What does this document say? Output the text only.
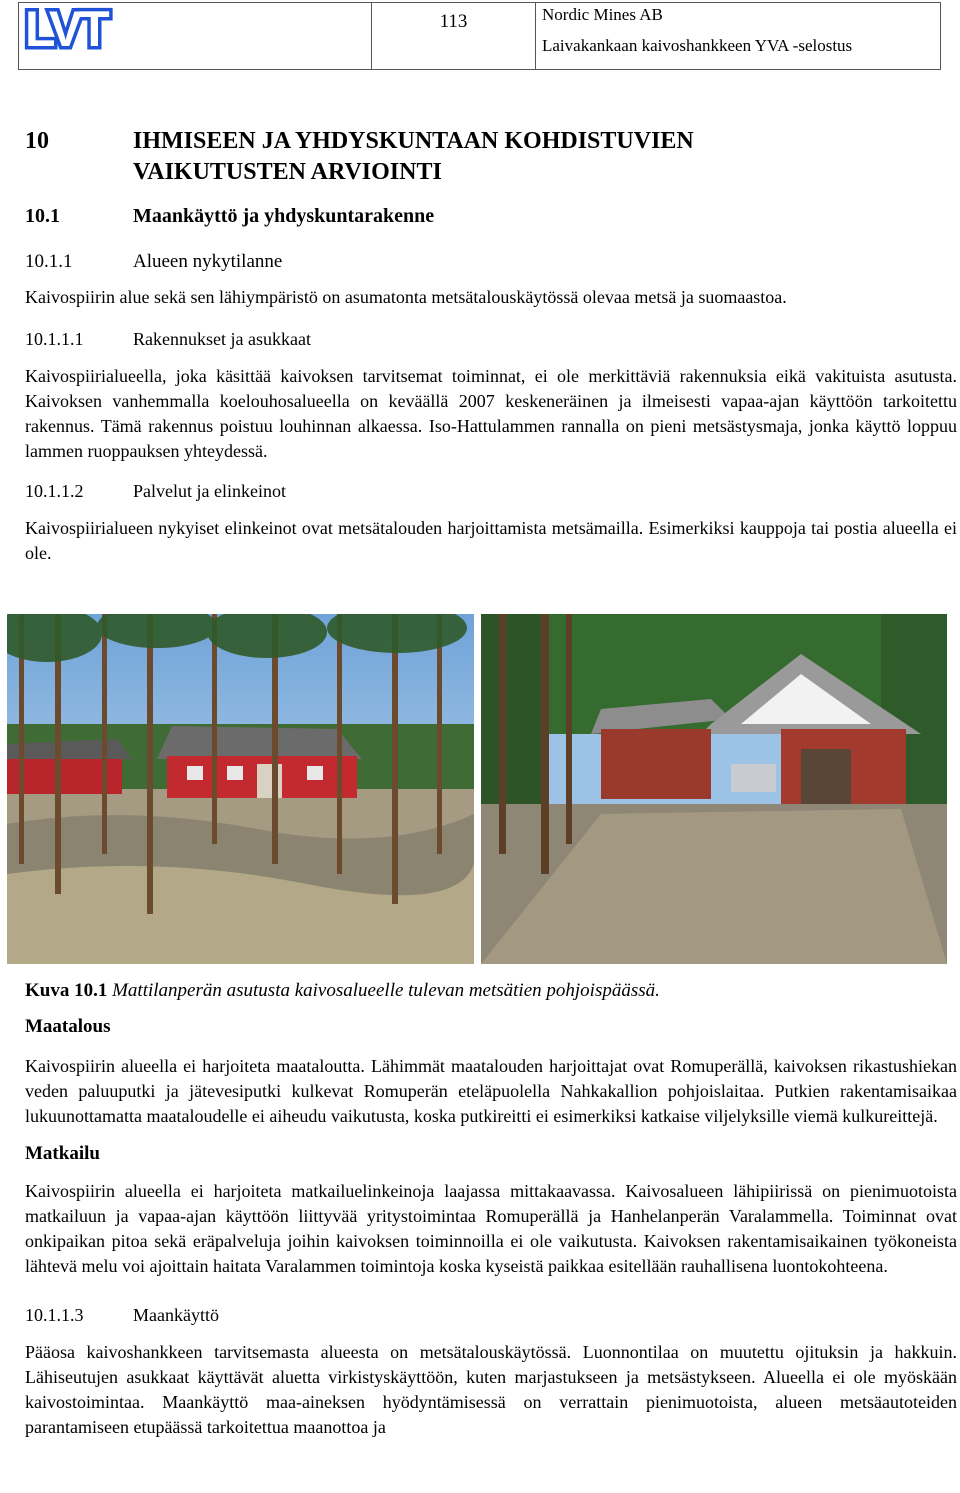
LVT	113	Nordic Mines AB
Laivakankaan kaivoshankkeen YVA -selostus
10	IHMISEEN JA YHDYSKUNTAAN KOHDISTUVIEN
VAIKUTUSTEN ARVIOINTI
10.1	Maankäyttö ja yhdyskuntarakenne
10.1.1	Alueen nykytilanne

Kaivospiirin alue sekä sen lähiympäristö on asumatonta metsätalouskäytössä olevaa metsä ja suomaastoa.

10.1.1.1	Rakennukset ja asukkaat

Kaivospiirialueella, joka käsittää kaivoksen tarvitsemat toiminnat, ei ole merkittäviä rakennuksia eikä vakituista asutusta. Kaivoksen vanhemmalla koelouhosalueella on keväällä 2007 keskeneräinen ja ilmeisesti vapaa-ajan käyttöön tarkoitettu rakennus. Tämä rakennus poistuu louhinnan alkaessa. Iso-Hattulammen rannalla on pieni metsästysmaja, jonka käyttö loppuu lammen ruoppauksen yhteydessä.

10.1.1.2	Palvelut ja elinkeinot

Kaivospiirialueen nykyiset elinkeinot ovat metsätalouden harjoittamista metsämailla. Esimerkiksi kauppoja tai postia alueella ei ole.

Kuva 10.1 Mattilanperän asutusta kaivosalueelle tulevan metsätien pohjoispäässä.
Maatalous

Kaivospiirin alueella ei harjoiteta maataloutta. Lähimmät maatalouden harjoittajat ovat Romuperällä, kaivoksen rikastushiekan veden paluuputki ja jätevesiputki kulkevat Romuperän eteläpuolella Nahkakallion pohjoislaitaa. Putkien rakentamisaikaa lukuunottamatta maataloudelle ei aiheudu vaikutusta, koska putkireitti ei esimerkiksi katkaise viljelyksille viemä kulkureittejä.

Matkailu

Kaivospiirin alueella ei harjoiteta matkailuelinkeinoja laajassa mittakaavassa. Kaivosalueen lähipiirissä on pienimuotoista matkailuun ja vapaa-ajan käyttöön liittyvää yritystoimintaa Romuperällä ja Hanhelanperän Varalammella. Toiminnat ovat onkipaikan pitoa sekä eräpalveluja joihin kaivoksen toiminnoilla ei ole vaikutusta. Kaivoksen rakentamisaikainen työkoneista lähtevä melu voi ajoittain haitata Varalammen toimintoja koska kyseistä paikkaa esitellään rauhallisena luontokohteena.

10.1.1.3	Maankäyttö

Pääosa kaivoshankkeen tarvitsemasta alueesta on metsätalouskäytössä. Luonnontilaa on muutettu ojituksin ja hakkuin. Lähiseutujen asukkaat käyttävät aluetta virkistyskäyttöön, kuten marjastukseen ja metsästykseen. Alueella ei ole myöskään kaivostoimintaa. Maankäyttö maa-aineksen hyödyntämisessä on verrattain pienimuotoista, alueen metsäautoteiden parantamiseen etupäässä tarkoitettua maanottoa ja
